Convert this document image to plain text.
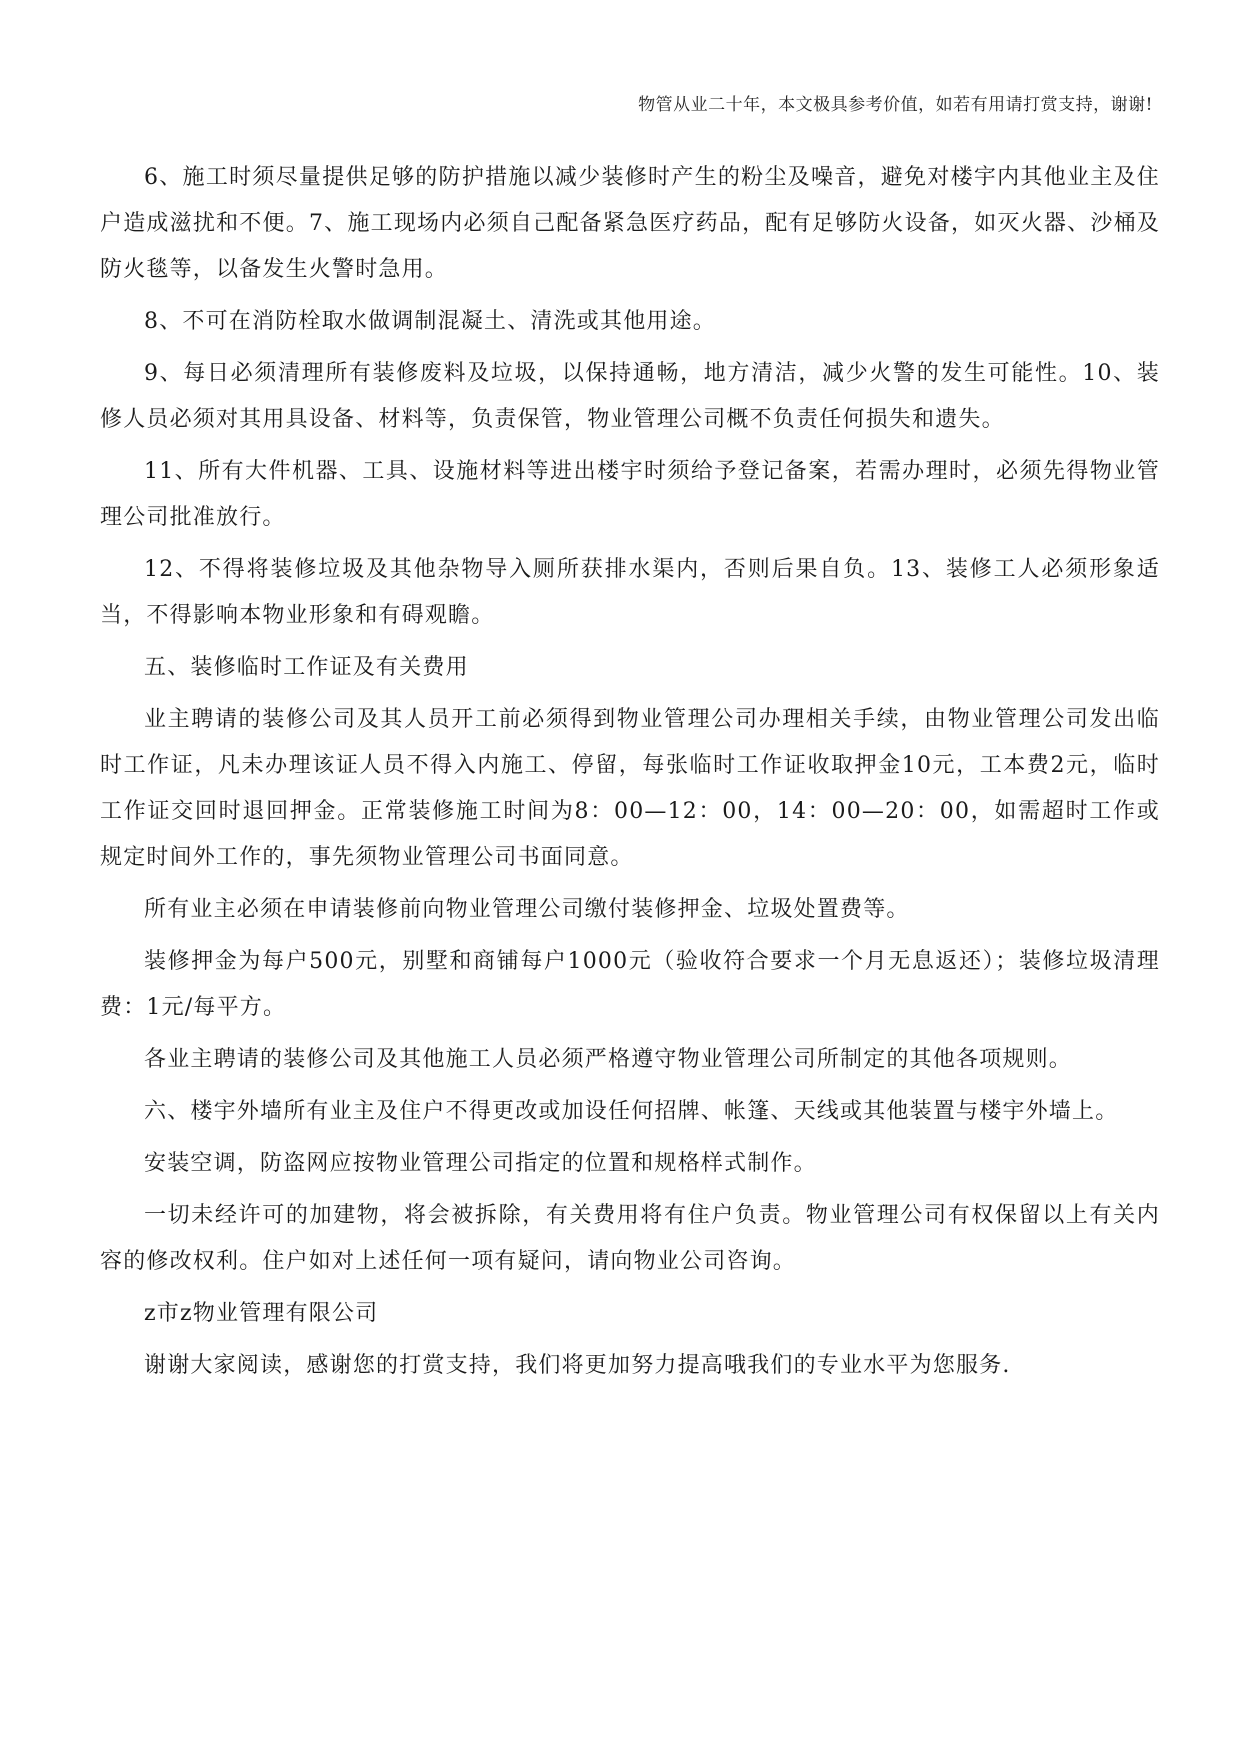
物管从业二十年，本文极具参考价值，如若有用请打赏支持，谢谢!

6、施工时须尽量提供足够的防护措施以减少装修时产生的粉尘及噪音，避免对楼宇内其他业主及住户造成滋扰和不便。7、施工现场内必须自己配备紧急医疗药品，配有足够防火设备，如灭火器、沙桶及防火毯等，以备发生火警时急用。

8、不可在消防栓取水做调制混凝土、清洗或其他用途。

9、每日必须清理所有装修废料及垃圾，以保持通畅，地方清洁，减少火警的发生可能性。10、装修人员必须对其用具设备、材料等，负责保管，物业管理公司概不负责任何损失和遗失。

11、所有大件机器、工具、设施材料等进出楼宇时须给予登记备案，若需办理时，必须先得物业管理公司批准放行。

12、不得将装修垃圾及其他杂物导入厕所获排水渠内，否则后果自负。13、装修工人必须形象适当，不得影响本物业形象和有碍观瞻。

五、装修临时工作证及有关费用

业主聘请的装修公司及其人员开工前必须得到物业管理公司办理相关手续，由物业管理公司发出临时工作证，凡未办理该证人员不得入内施工、停留，每张临时工作证收取押金10元，工本费2元，临时工作证交回时退回押金。正常装修施工时间为8：00—12：00，14：00—20：00，如需超时工作或规定时间外工作的，事先须物业管理公司书面同意。

所有业主必须在申请装修前向物业管理公司缴付装修押金、垃圾处置费等。

装修押金为每户500元，别墅和商铺每户1000元（验收符合要求一个月无息返还）；装修垃圾清理费：1元/每平方。

各业主聘请的装修公司及其他施工人员必须严格遵守物业管理公司所制定的其他各项规则。

六、楼宇外墙所有业主及住户不得更改或加设任何招牌、帐篷、天线或其他装置与楼宇外墙上。

安装空调，防盗网应按物业管理公司指定的位置和规格样式制作。

一切未经许可的加建物，将会被拆除，有关费用将有住户负责。物业管理公司有权保留以上有关内容的修改权利。住户如对上述任何一项有疑问，请向物业公司咨询。

z市z物业管理有限公司

谢谢大家阅读，感谢您的打赏支持，我们将更加努力提高哦我们的专业水平为您服务.
